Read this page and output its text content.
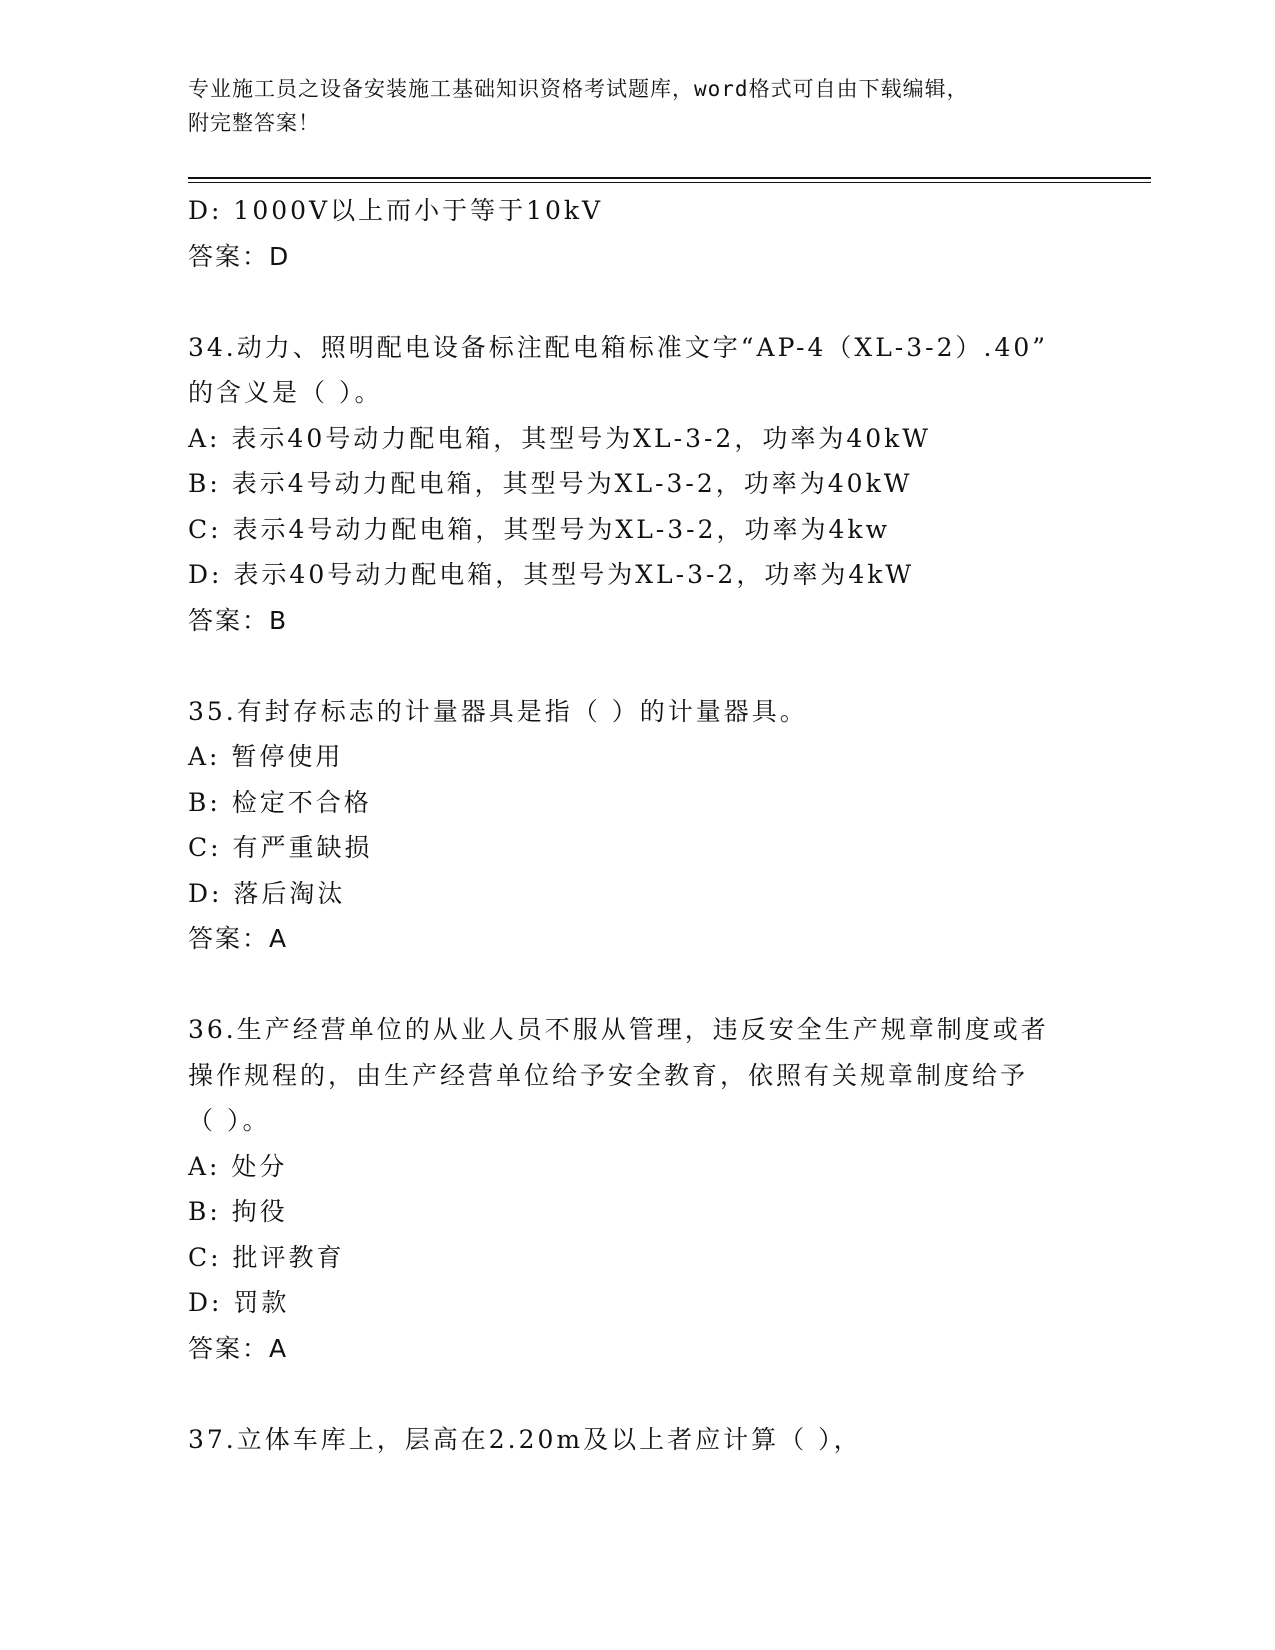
专业施工员之设备安装施工基础知识资格考试题库，word格式可自由下载编辑，
附完整答案！
D: 1000V以上而小于等于10kV
答案：D
34.动力、照明配电设备标注配电箱标准文字“AP-4（XL-3-2）.40”
的含义是（ ）。
A: 表示40号动力配电箱，其型号为XL-3-2，功率为40kW
B: 表示4号动力配电箱，其型号为XL-3-2，功率为40kW
C: 表示4号动力配电箱，其型号为XL-3-2，功率为4kw
D: 表示40号动力配电箱，其型号为XL-3-2，功率为4kW
答案：B
35.有封存标志的计量器具是指（ ）的计量器具。
A: 暂停使用
B: 检定不合格
C: 有严重缺损
D: 落后淘汰
答案：A
36.生产经营单位的从业人员不服从管理，违反安全生产规章制度或者
操作规程的，由生产经营单位给予安全教育，依照有关规章制度给予
（ ）。
A: 处分
B: 拘役
C: 批评教育
D: 罚款
答案：A
37.立体车库上，层高在2.20m及以上者应计算（ ），
